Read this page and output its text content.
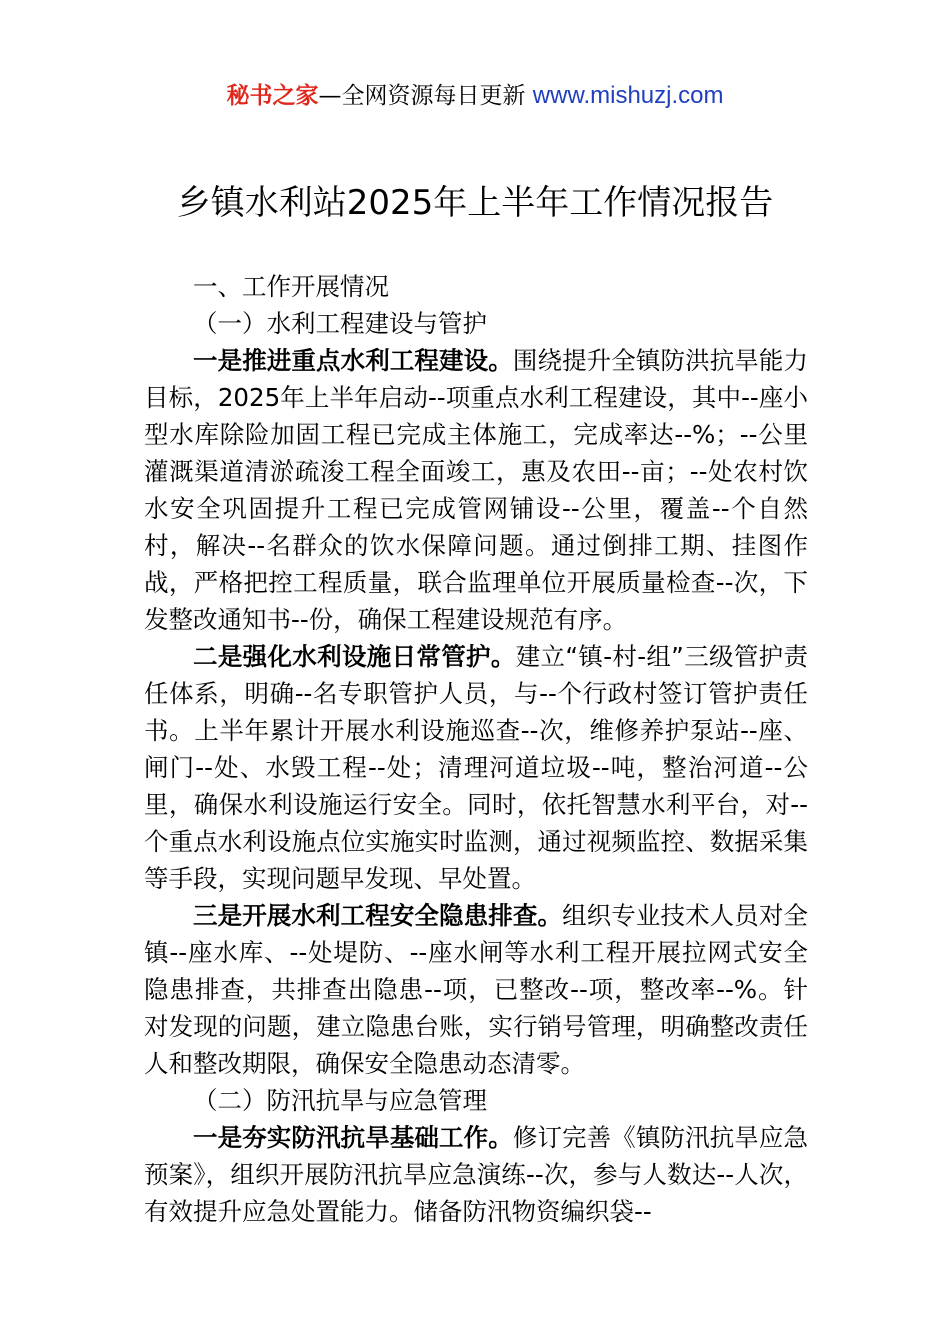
秘书之家—全网资源每日更新 www.mishuzj.com
乡镇水利站2025年上半年工作情况报告

一、工作开展情况

（一）水利工程建设与管护

一是推进重点水利工程建设。围绕提升全镇防洪抗旱能力目标，2025年上半年启动--项重点水利工程建设，其中--座小型水库除险加固工程已完成主体施工，完成率达--%；--公里灌溉渠道清淤疏浚工程全面竣工，惠及农田--亩；--处农村饮水安全巩固提升工程已完成管网铺设--公里，覆盖--个自然村，解决--名群众的饮水保障问题。通过倒排工期、挂图作战，严格把控工程质量，联合监理单位开展质量检查--次，下发整改通知书--份，确保工程建设规范有序。

二是强化水利设施日常管护。建立“镇-村-组”三级管护责任体系，明确--名专职管护人员，与--个行政村签订管护责任书。上半年累计开展水利设施巡查--次，维修养护泵站--座、闸门--处、水毁工程--处；清理河道垃圾--吨，整治河道--公里，确保水利设施运行安全。同时，依托智慧水利平台，对--个重点水利设施点位实施实时监测，通过视频监控、数据采集等手段，实现问题早发现、早处置。

三是开展水利工程安全隐患排查。组织专业技术人员对全镇--座水库、--处堤防、--座水闸等水利工程开展拉网式安全隐患排查，共排查出隐患--项，已整改--项，整改率--%。针对发现的问题，建立隐患台账，实行销号管理，明确整改责任人和整改期限，确保安全隐患动态清零。

（二）防汛抗旱与应急管理

一是夯实防汛抗旱基础工作。修订完善《镇防汛抗旱应急预案》，组织开展防汛抗旱应急演练--次，参与人数达--人次，有效提升应急处置能力。储备防汛物资编织袋--
